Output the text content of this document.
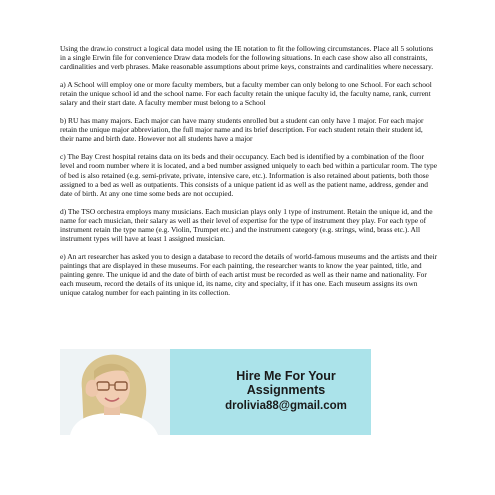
Using the draw.io construct a logical data model using the IE notation to fit the following circumstances. Place all 5 solutions in a single Erwin file for convenience Draw data models for the following situations. In each case show also all constraints, cardinalities and verb phrases. Make reasonable assumptions about prime keys, constraints and cardinalities where necessary.

a) A School will employ one or more faculty members, but a faculty member can only belong to one School. For each school retain the unique school id and the school name. For each faculty retain the unique faculty id, the faculty name, rank, current salary and their start date. A faculty member must belong to a School

b) RU has many majors. Each major can have many students enrolled but a student can only have 1 major. For each major retain the unique major abbreviation, the full major name and its brief description. For each student retain their student id, their name and birth date. However not all students have a major

c) The Bay Crest hospital retains data on its beds and their occupancy. Each bed is identified by a combination of the floor level and room number where it is located, and a bed number assigned uniquely to each bed within a particular room. The type of bed is also retained (e.g. semi-private, private, intensive care, etc.). Information is also retained about patients, both those assigned to a bed as well as outpatients. This consists of a unique patient id as well as the patient name, address, gender and date of birth. At any one time some beds are not occupied.

d) The TSO orchestra employs many musicians. Each musician plays only 1 type of instrument. Retain the unique id, and the name for each musician, their salary as well as their level of expertise for the type of instrument they play. For each type of instrument retain the type name (e.g. Violin, Trumpet etc.) and the instrument category (e.g. strings, wind, brass etc.). All instrument types will have at least 1 assigned musician.

e) An art researcher has asked you to design a database to record the details of world-famous museums and the artists and their paintings that are displayed in these museums. For each painting, the researcher wants to know the year painted, title, and painting genre. The unique id and the date of birth of each artist must be recorded as well as their name and nationality. For each museum, record the details of its unique id, its name, city and specialty, if it has one. Each museum assigns its own unique catalog number for each painting in its collection.

Hire Me For Your
Assignments
drolivia88@gmail.com
